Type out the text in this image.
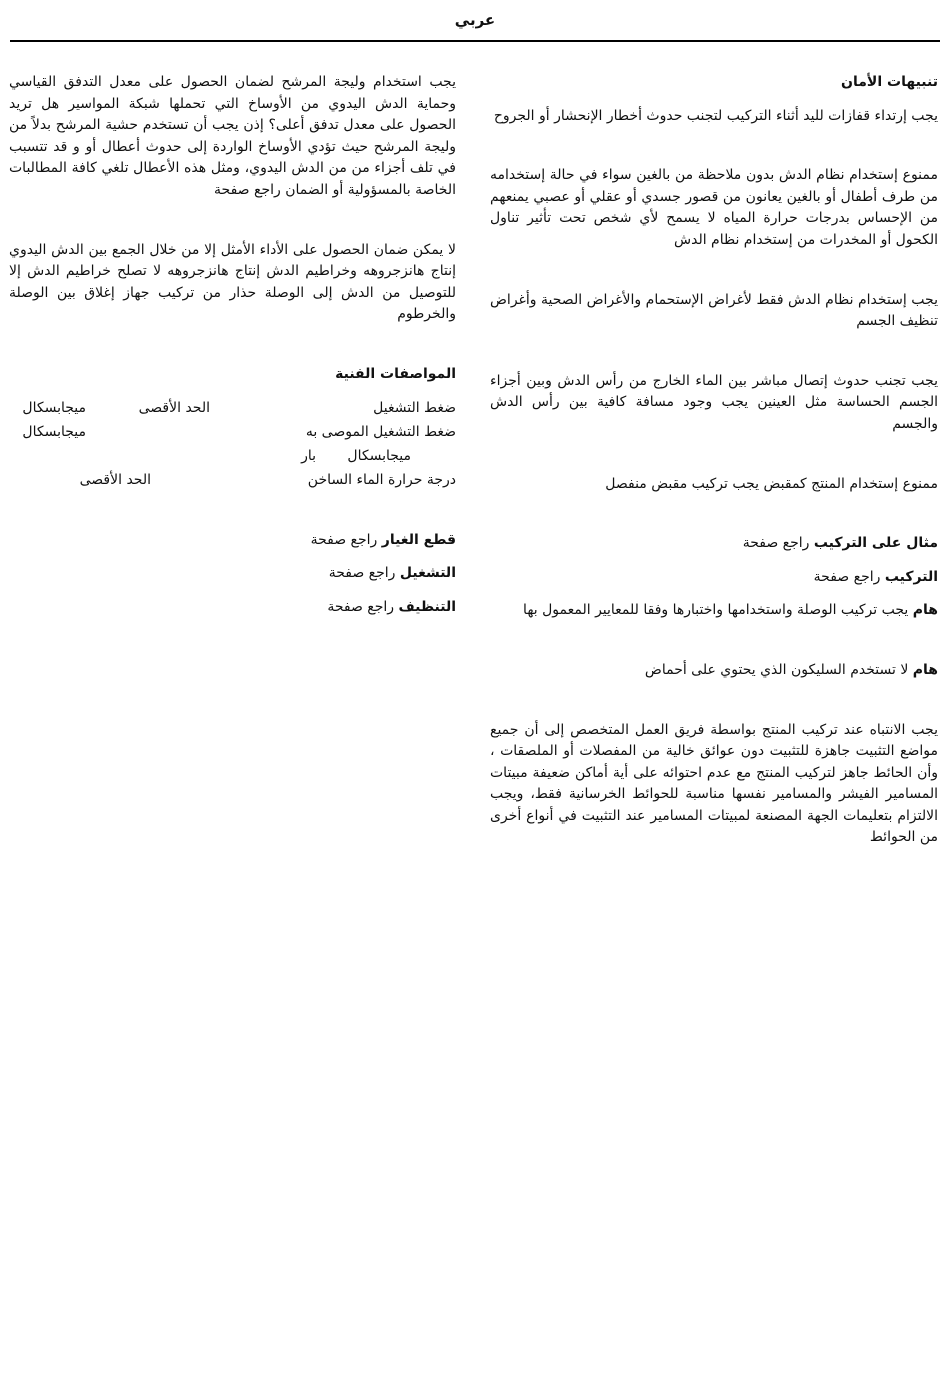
عربي

تنبيهات الأمان

يجب إرتداء قفازات لليد أثناء التركيب لتجنب حدوث أخطار الإنحشار أو الجروح

ممنوع إستخدام نظام الدش بدون ملاحظة من بالغين سواء في حالة إستخدامه من طرف أطفال أو بالغين يعانون من قصور جسدي أو عقلي أو عصبي يمنعهم من الإحساس بدرجات حرارة المياه لا يسمح لأي شخص تحت تأثير تناول الكحول أو المخدرات من إستخدام نظام الدش

يجب إستخدام نظام الدش فقط لأغراض الإستحمام والأغراض الصحية وأغراض تنظيف الجسم

يجب تجنب حدوث إتصال مباشر بين الماء الخارج من رأس الدش وبين أجزاء الجسم الحساسة مثل العينين يجب وجود مسافة كافية بين رأس الدش والجسم

ممنوع إستخدام المنتج كمقبض يجب تركيب مقبض منفصل

مثال على التركيب راجع صفحة

التركيب راجع صفحة

هام يجب تركيب الوصلة واستخدامها واختبارها وفقا للمعايير المعمول بها

هام لا تستخدم السليكون الذي يحتوي على أحماض

يجب الانتباه عند تركيب المنتج بواسطة فريق العمل المتخصص إلى أن جميع مواضع التثبيت جاهزة للتثبيت دون عوائق خالية من المفصلات أو الملصقات ، وأن الحائط جاهز لتركيب المنتج مع عدم احتوائه على أية أماكن ضعيفة مبيتات المسامير الفيشر والمسامير نفسها مناسبة للحوائط الخرسانية فقط، ويجب الالتزام بتعليمات الجهة المصنعة لمبيتات المسامير عند التثبيت في أنواع أخرى من الحوائط

يجب استخدام وليجة المرشح لضمان الحصول على معدل التدفق القياسي وحماية الدش اليدوي من الأوساخ التي تحملها شبكة المواسير هل تريد الحصول على معدل تدفق أعلى؟ إذن يجب أن تستخدم حشية المرشح بدلاً من وليجة المرشح حيث تؤدي الأوساخ الواردة إلى حدوث أعطال أو و قد تتسبب في تلف أجزاء من من الدش اليدوي، ومثل هذه الأعطال تلغي كافة المطالبات الخاصة بالمسؤولية أو الضمان راجع صفحة

لا يمكن ضمان الحصول على الأداء الأمثل إلا من خلال الجمع بين الدش اليدوي إنتاج هانزجروهه وخراطيم الدش إنتاج هانزجروهه لا تصلح خراطيم الدش إلا للتوصيل من الدش إلى الوصلة حذار من تركيب جهاز إغلاق بين الوصلة والخرطوم

المواصفات الفنية

ضغط التشغيل
الحد الأقصى
ميجابسكال
ضغط التشغيل الموصى به
ميجابسكال
ميجابسكال
بار
درجة حرارة الماء الساخن
الحد الأقصى

قطع الغيار راجع صفحة

التشغيل راجع صفحة

التنظيف راجع صفحة
